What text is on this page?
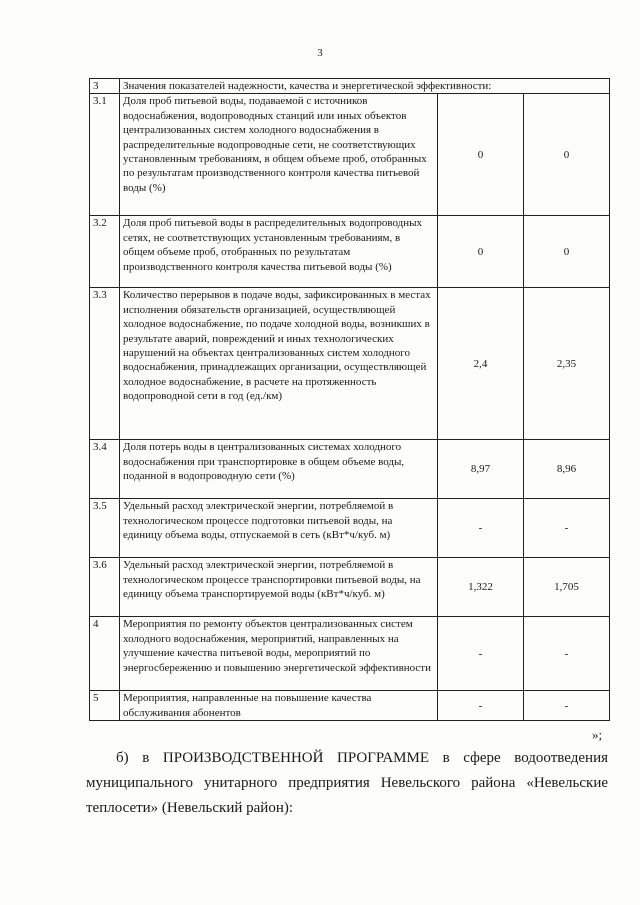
3
3	Значения показателей надежности, качества и энергетической эффективности:		
3.1	Доля проб питьевой воды, подаваемой с источников водоснабжения, водопроводных станций или иных объектов централизованных систем холодного водоснабжения в распределительные водопроводные сети, не соответствующих установленным требованиям, в общем объеме проб, отобранных по результатам производственного контроля качества питьевой воды (%)	0	0
3.2	Доля проб питьевой воды в распределительных водопроводных сетях, не соответствующих установленным требованиям, в общем объеме проб, отобранных по результатам производственного контроля качества питьевой воды (%)	0	0
3.3	Количество перерывов в подаче воды, зафиксированных в местах исполнения обязательств организацией, осуществляющей холодное водоснабжение, по подаче холодной воды, возникших в результате аварий, повреждений и иных технологических нарушений на объектах централизованных систем холодного водоснабжения, принадлежащих организации, осуществляющей холодное водоснабжение, в расчете на протяженность водопроводной сети в год (ед./км)	2,4	2,35
3.4	Доля потерь воды в централизованных системах холодного водоснабжения при транспортировке в общем объеме воды, поданной в водопроводную сети (%)	8,97	8,96
3.5	Удельный расход электрической энергии, потребляемой в технологическом процессе подготовки питьевой воды, на единицу объема воды, отпускаемой в сеть (кВт*ч/куб. м)	-	-
3.6	Удельный расход электрической энергии, потребляемой в технологическом процессе транспортировки питьевой воды, на единицу объема транспортируемой воды (кВт*ч/куб. м)	1,322	1,705
4	Мероприятия по ремонту объектов централизованных систем холодного водоснабжения, мероприятий, направленных на улучшение качества питьевой воды, мероприятий по энергосбережению и повышению энергетической эффективности	-	-
5	Мероприятия, направленные на повышение качества обслуживания абонентов	-	-
»;
б) в ПРОИЗВОДСТВЕННОЙ ПРОГРАММЕ в сфере водоотведения муниципального унитарного предприятия Невельского района «Невельские теплосети» (Невельский район):
